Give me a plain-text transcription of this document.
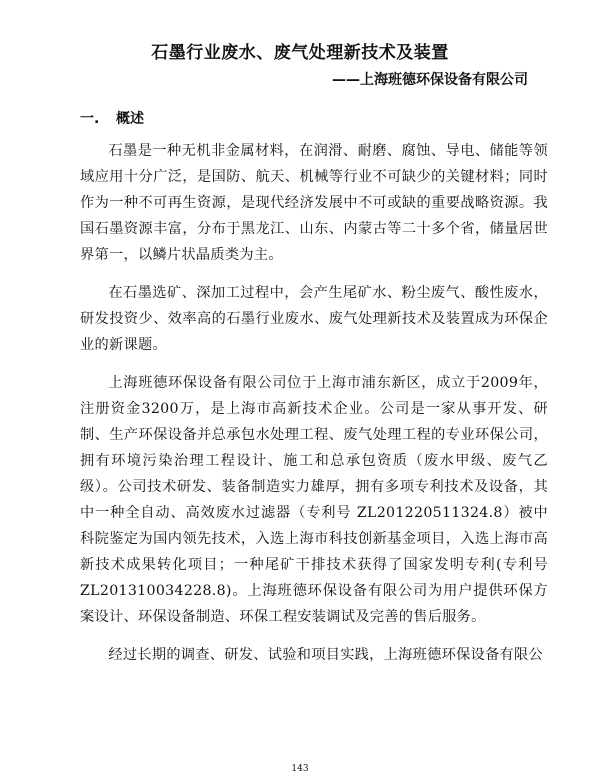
石墨行业废水、废气处理新技术及装置
——上海班德环保设备有限公司
一. 概述

石墨是一种无机非金属材料，在润滑、耐磨、腐蚀、导电、储能等领域应用十分广泛，是国防、航天、机械等行业不可缺少的关键材料；同时作为一种不可再生资源，是现代经济发展中不可或缺的重要战略资源。我国石墨资源丰富，分布于黑龙江、山东、内蒙古等二十多个省，储量居世界第一，以鳞片状晶质类为主。

在石墨选矿、深加工过程中，会产生尾矿水、粉尘废气、酸性废水，研发投资少、效率高的石墨行业废水、废气处理新技术及装置成为环保企业的新课题。

上海班德环保设备有限公司位于上海市浦东新区，成立于2009年，注册资金3200万，是上海市高新技术企业。公司是一家从事开发、研制、生产环保设备并总承包水处理工程、废气处理工程的专业环保公司，拥有环境污染治理工程设计、施工和总承包资质（废水甲级、废气乙级）。公司技术研发、装备制造实力雄厚，拥有多项专利技术及设备，其中一种全自动、高效废水过滤器（专利号 ZL201220511324.8）被中科院鉴定为国内领先技术，入选上海市科技创新基金项目，入选上海市高新技术成果转化项目；一种尾矿干排技术获得了国家发明专利(专利号 ZL201310034228.8)。上海班德环保设备有限公司为用户提供环保方案设计、环保设备制造、环保工程安装调试及完善的售后服务。

经过长期的调查、研发、试验和项目实践，上海班德环保设备有限公

143
